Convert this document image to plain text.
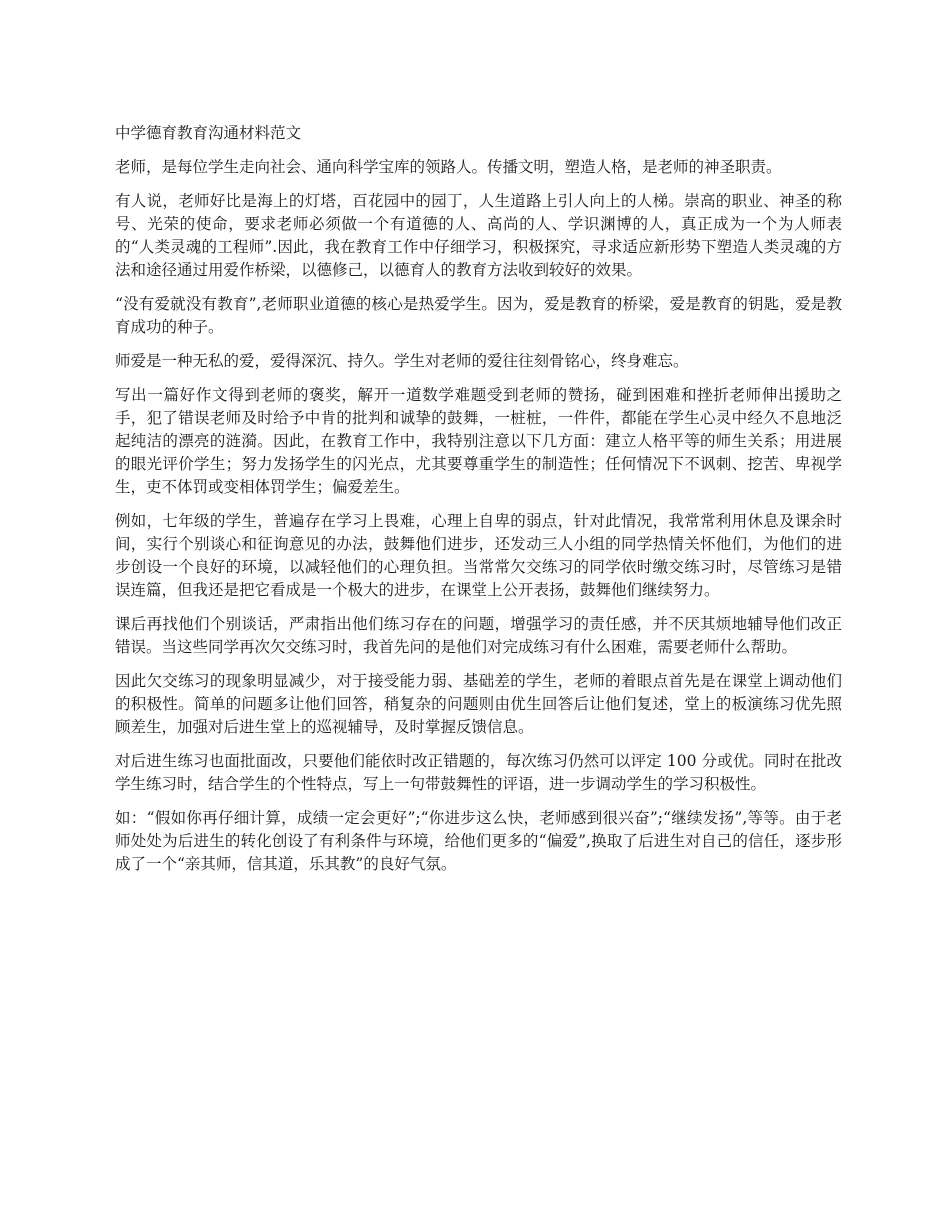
中学德育教育沟通材料范文

老师，是每位学生走向社会、通向科学宝库的领路人。传播文明，塑造人格，是老师的神圣职责。

有人说，老师好比是海上的灯塔，百花园中的园丁，人生道路上引人向上的人梯。崇高的职业、神圣的称号、光荣的使命，要求老师必须做一个有道德的人、高尚的人、学识渊博的人，真正成为一个为人师表的“人类灵魂的工程师”.因此，我在教育工作中仔细学习，积极探究，寻求适应新形势下塑造人类灵魂的方法和途径通过用爱作桥梁，以德修己，以德育人的教育方法收到较好的效果。

“没有爱就没有教育”,老师职业道德的核心是热爱学生。因为，爱是教育的桥梁，爱是教育的钥匙，爱是教育成功的种子。

师爱是一种无私的爱，爱得深沉、持久。学生对老师的爱往往刻骨铭心，终身难忘。

写出一篇好作文得到老师的褒奖，解开一道数学难题受到老师的赞扬，碰到困难和挫折老师伸出援助之手，犯了错误老师及时给予中肯的批判和诚挚的鼓舞，一桩桩，一件件，都能在学生心灵中经久不息地泛起纯洁的漂亮的涟漪。因此，在教育工作中，我特别注意以下几方面：建立人格平等的师生关系；用进展的眼光评价学生；努力发扬学生的闪光点，尤其要尊重学生的制造性；任何情况下不讽刺、挖苦、卑视学生，吏不体罚或变相体罚学生；偏爱差生。

例如，七年级的学生，普遍存在学习上畏难，心理上自卑的弱点，针对此情况，我常常利用休息及课余时间，实行个别谈心和征询意见的办法，鼓舞他们进步，还发动三人小组的同学热情关怀他们，为他们的进步创设一个良好的环境，以减轻他们的心理负担。当常常欠交练习的同学依时缴交练习时，尽管练习是错误连篇，但我还是把它看成是一个极大的进步，在课堂上公开表扬，鼓舞他们继续努力。

课后再找他们个别谈话，严肃指出他们练习存在的问题，增强学习的责任感，并不厌其烦地辅导他们改正错误。当这些同学再次欠交练习时，我首先问的是他们对完成练习有什么困难，需要老师什么帮助。

因此欠交练习的现象明显减少，对于接受能力弱、基础差的学生，老师的着眼点首先是在课堂上调动他们的积极性。简单的问题多让他们回答，稍复杂的问题则由优生回答后让他们复述，堂上的板演练习优先照顾差生，加强对后进生堂上的巡视辅导，及时掌握反馈信息。

对后进生练习也面批面改，只要他们能依时改正错题的，每次练习仍然可以评定 100 分或优。同时在批改学生练习时，结合学生的个性特点，写上一句带鼓舞性的评语，进一步调动学生的学习积极性。

如：“假如你再仔细计算，成绩一定会更好”;“你进步这么快，老师感到很兴奋”;“继续发扬”,等等。由于老师处处为后进生的转化创设了有利条件与环境，给他们更多的“偏爱”,换取了后进生对自己的信任，逐步形成了一个“亲其师，信其道，乐其教”的良好气氛。
